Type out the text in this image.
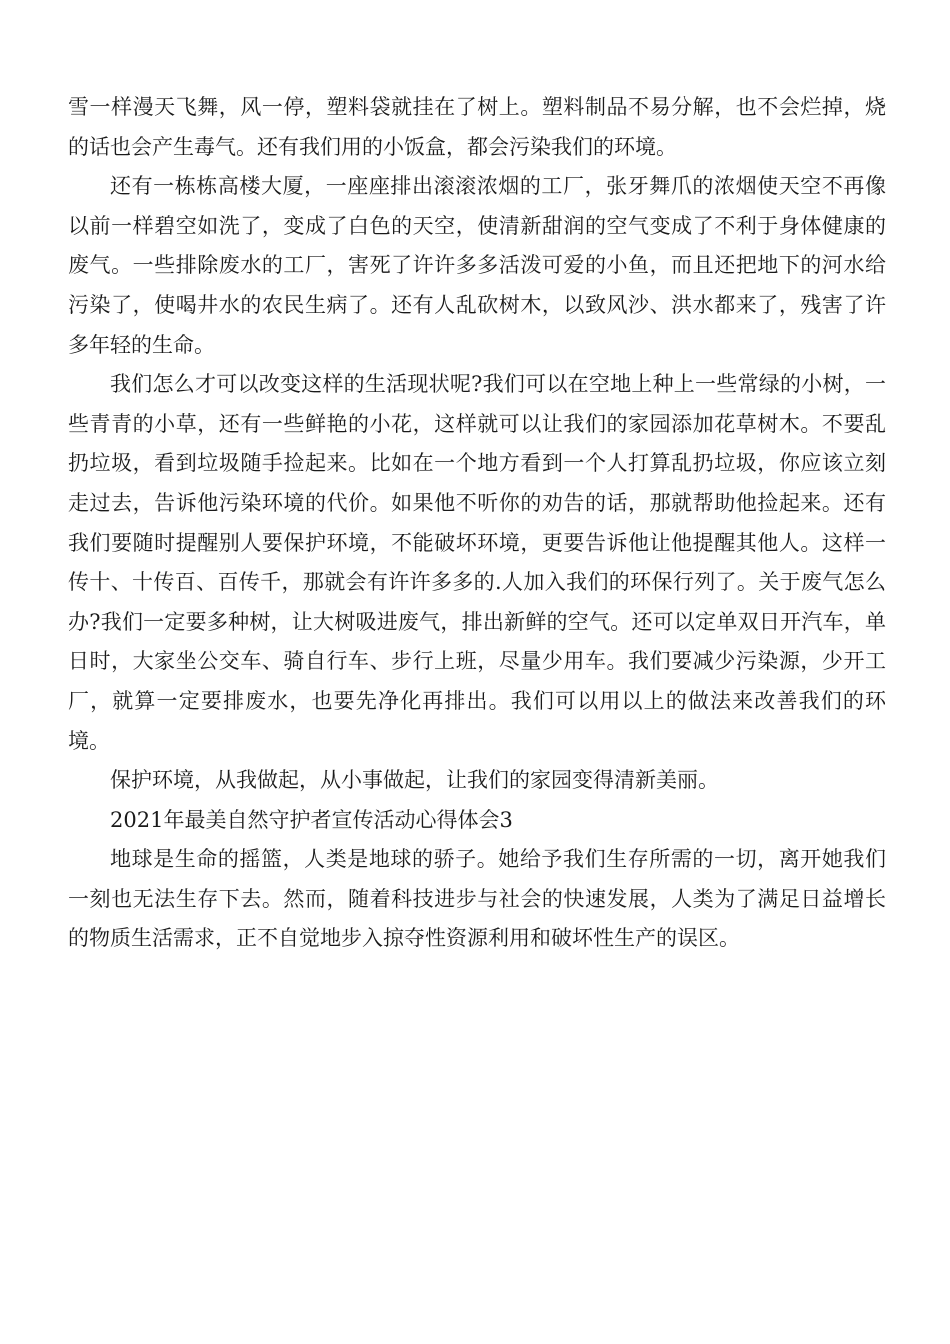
雪一样漫天飞舞，风一停，塑料袋就挂在了树上。塑料制品不易分解，也不会烂掉，烧的话也会产生毒气。还有我们用的小饭盒，都会污染我们的环境。

还有一栋栋高楼大厦，一座座排出滚滚浓烟的工厂，张牙舞爪的浓烟使天空不再像以前一样碧空如洗了，变成了白色的天空，使清新甜润的空气变成了不利于身体健康的废气。一些排除废水的工厂，害死了许许多多活泼可爱的小鱼，而且还把地下的河水给污染了，使喝井水的农民生病了。还有人乱砍树木，以致风沙、洪水都来了，残害了许多年轻的生命。

我们怎么才可以改变这样的生活现状呢?我们可以在空地上种上一些常绿的小树，一些青青的小草，还有一些鲜艳的小花，这样就可以让我们的家园添加花草树木。不要乱扔垃圾，看到垃圾随手捡起来。比如在一个地方看到一个人打算乱扔垃圾，你应该立刻走过去，告诉他污染环境的代价。如果他不听你的劝告的话，那就帮助他捡起来。还有我们要随时提醒别人要保护环境，不能破坏环境，更要告诉他让他提醒其他人。这样一传十、十传百、百传千，那就会有许许多多的.人加入我们的环保行列了。关于废气怎么办?我们一定要多种树，让大树吸进废气，排出新鲜的空气。还可以定单双日开汽车，单日时，大家坐公交车、骑自行车、步行上班，尽量少用车。我们要减少污染源，少开工厂，就算一定要排废水，也要先净化再排出。我们可以用以上的做法来改善我们的环境。

保护环境，从我做起，从小事做起，让我们的家园变得清新美丽。

2021年最美自然守护者宣传活动心得体会3

地球是生命的摇篮，人类是地球的骄子。她给予我们生存所需的一切，离开她我们一刻也无法生存下去。然而，随着科技进步与社会的快速发展，人类为了满足日益增长的物质生活需求，正不自觉地步入掠夺性资源利用和破坏性生产的误区。
